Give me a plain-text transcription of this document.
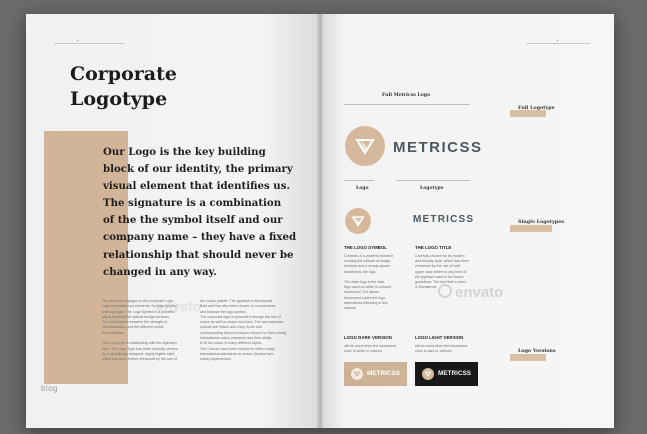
▲
Corporate
Logotype

Our Logo is the key building
block of our identity, the primary
visual element that identifies us.
The signature is a combination
of the the symbol itself and our
company name – they have a fixed
relationship that should never be
changed in any way.

The Metricss Logotype is the corporate Logo
Logo comprises two elements, the logo symbol
and logo type. The Logo Symbol is a powerful
visual evoking the cultural design services.
The combination between the strength of
communication and the different points
that influence.

The Logo type in relationship with the Agency's
form. The Logo Type has been carefully chosen
for a specifically designed, highly legible style,
which has been further enhanced by the use of

the colour palette. The typeface is Montserrat
Bold and has also been chosen to complement
and balance the logo symbol.
The corporate logo is presented through the use of
colour as well as shape and form. The two corporate
colours are Yellow and Grey. A mix and
corresponding blend of colours chosen for their strong
international colour presence and their ability
to fit the colour in many different styles.
The Colours have been chosen to reflect many
international standards as shown (thoses here
easily implemented.

envato
blog
▲
Full Metricss Logo
METRICSS
Logo	Logotype
Full Logotype
Single Logotypes
Logo Versions
METRICSS
THE LOGO SYMBOL
Consists of a powerful element
evoking the cultural of design
services and a simply square
backbrand, the logo.

The main logo is the dark
logo used on white or colored
backround. For darker
backround colors the logo
alternatives following in this
manual.
THE LOGO TITLE
Carefully chosen for its modern
and friendly style, which has been
enhanced by the use of both
upper case letters in any form of
the typeface used in the brand
guidelines. The font that is used
is Montserrat.
LOGO DARK VERSION
will be used when the backround
color is white or colored.
LOGO LIGHT VERSION
will be used when the backround
color is dark or colored.
METRICSS	METRICSS
envato
